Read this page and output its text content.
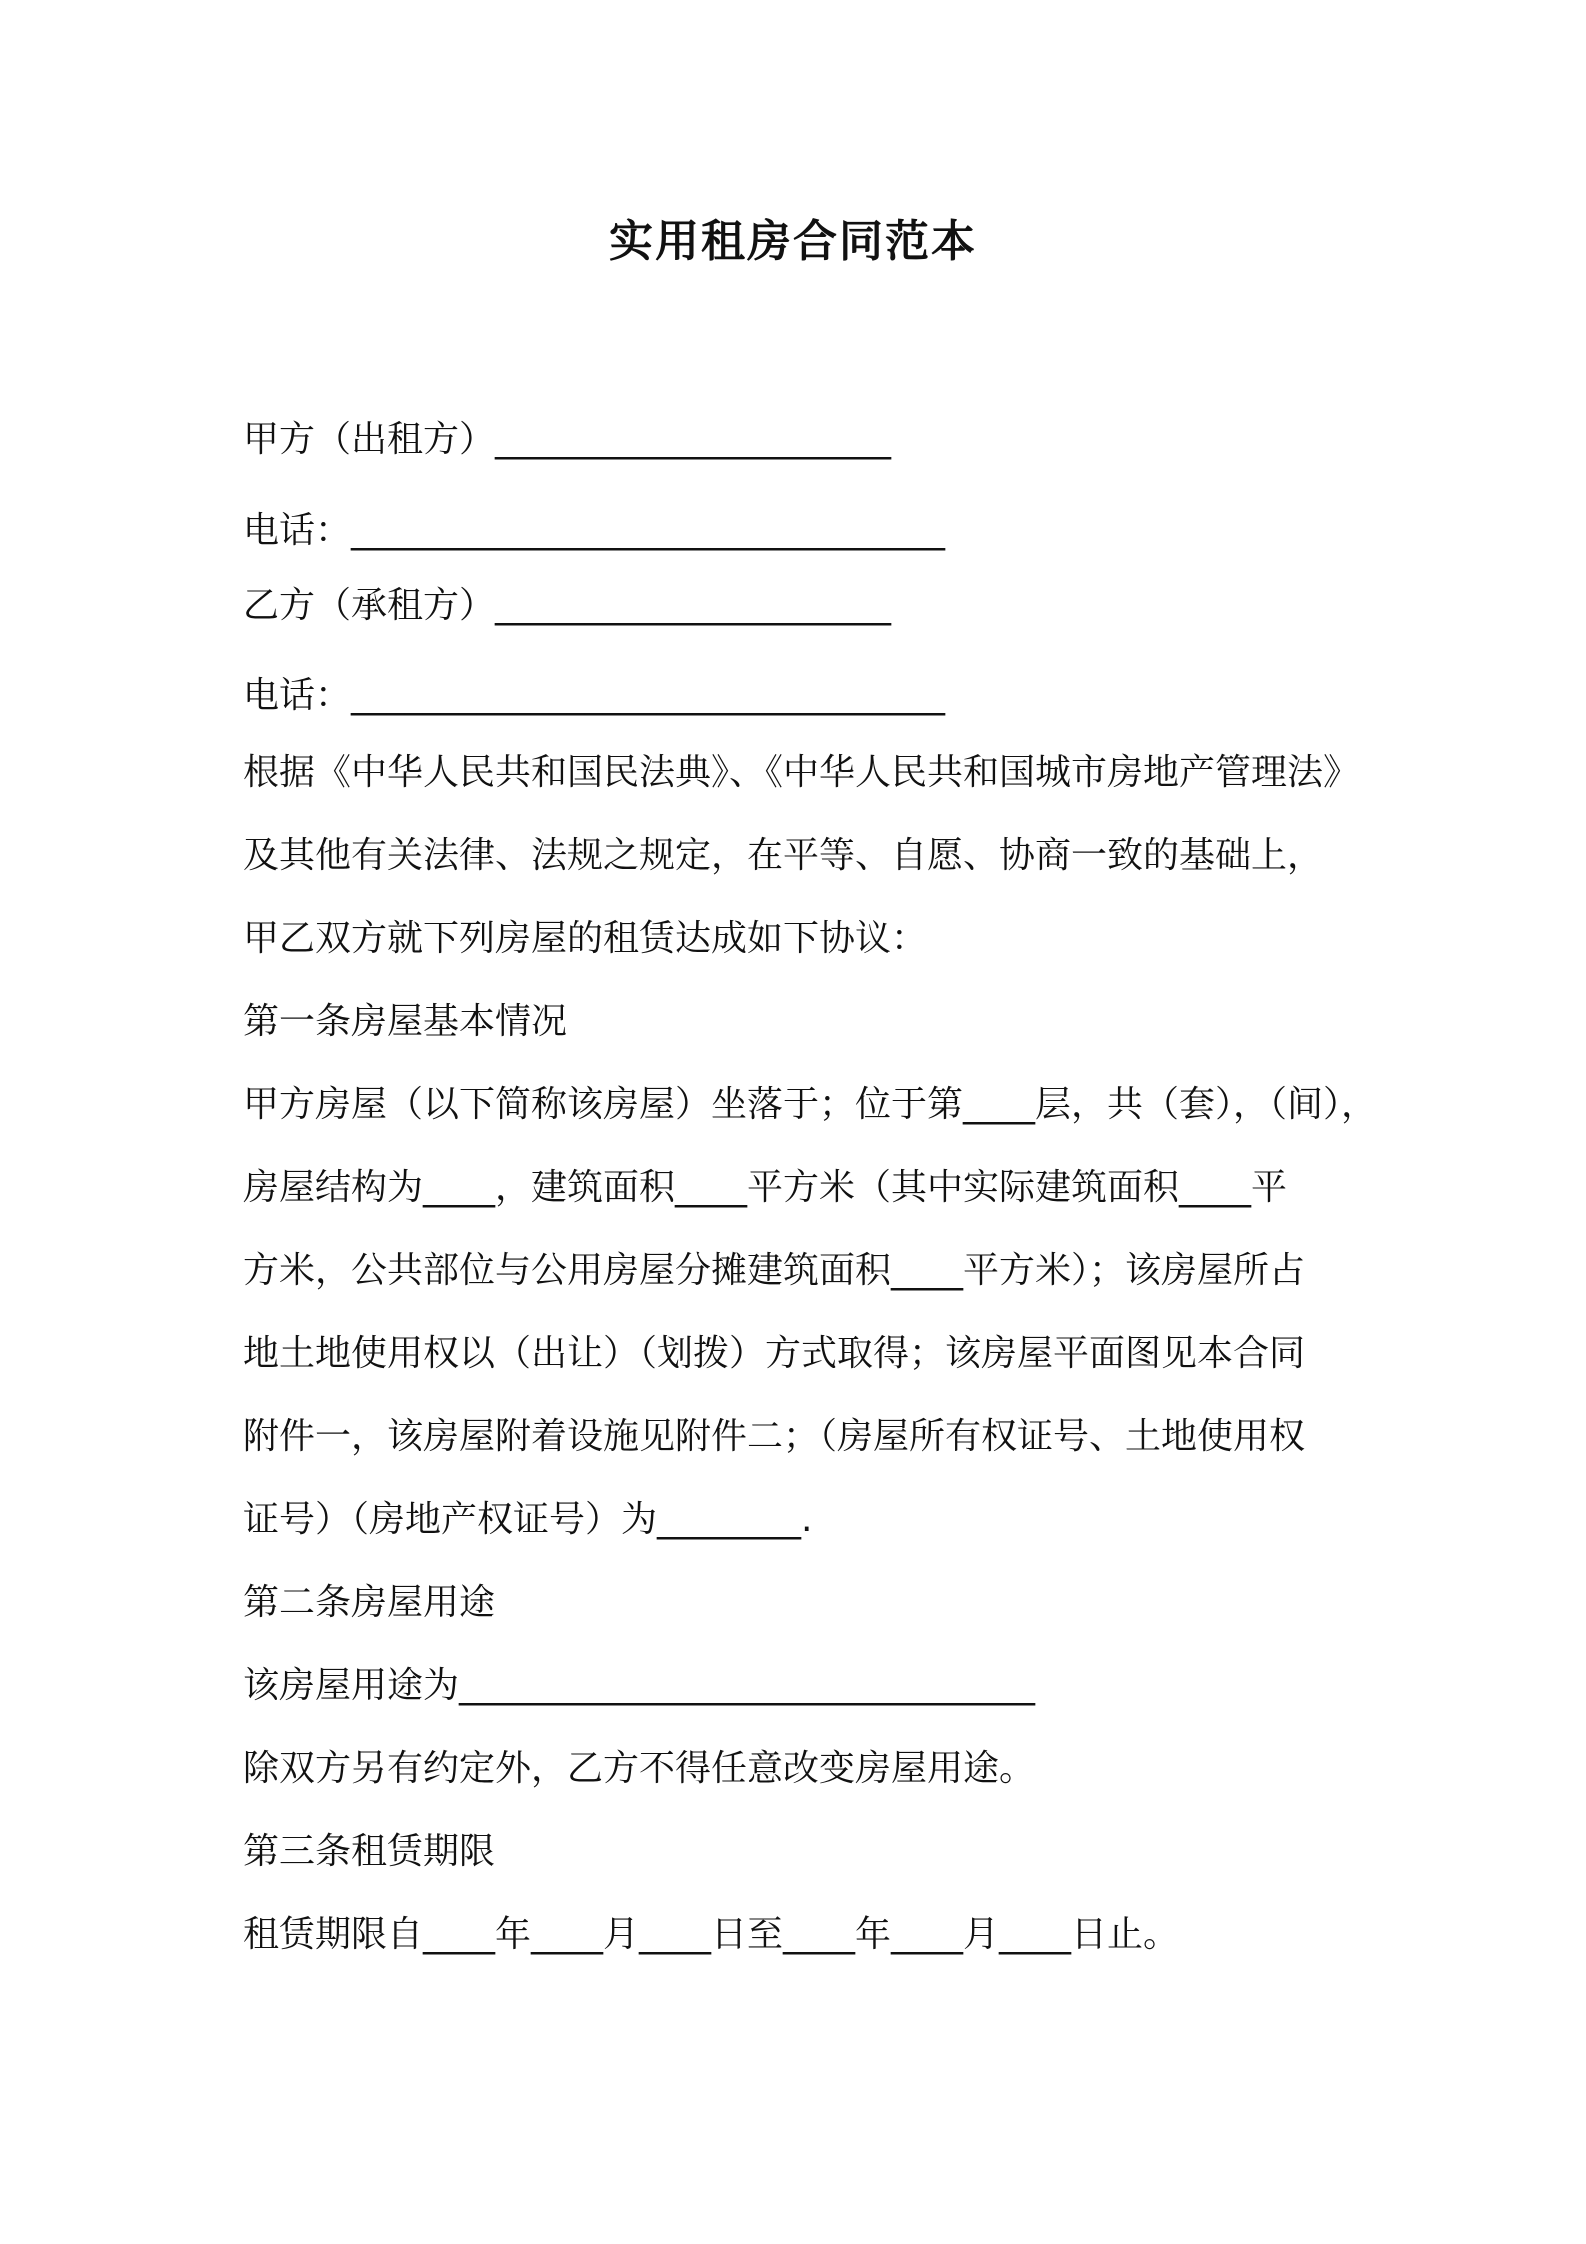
实用租房合同范本

甲方（出租方）______________________

电话：_________________________________

乙方（承租方）______________________

电话：_________________________________

根据《中华人民共和国民法典》、《中华人民共和国城市房地产管理法》

及其他有关法律、法规之规定，在平等、自愿、协商一致的基础上，

甲乙双方就下列房屋的租赁达成如下协议：

第一条房屋基本情况

甲方房屋（以下简称该房屋）坐落于；位于第____层，共（套），（间），

房屋结构为____，建筑面积____平方米（其中实际建筑面积____平

方米，公共部位与公用房屋分摊建筑面积____平方米）；该房屋所占

地土地使用权以（出让）（划拨）方式取得；该房屋平面图见本合同

附件一，该房屋附着设施见附件二；（房屋所有权证号、土地使用权

证号）（房地产权证号）为________.

第二条房屋用途

该房屋用途为________________________________

除双方另有约定外，乙方不得任意改变房屋用途。

第三条租赁期限

租赁期限自____年____月____日至____年____月____日止。
